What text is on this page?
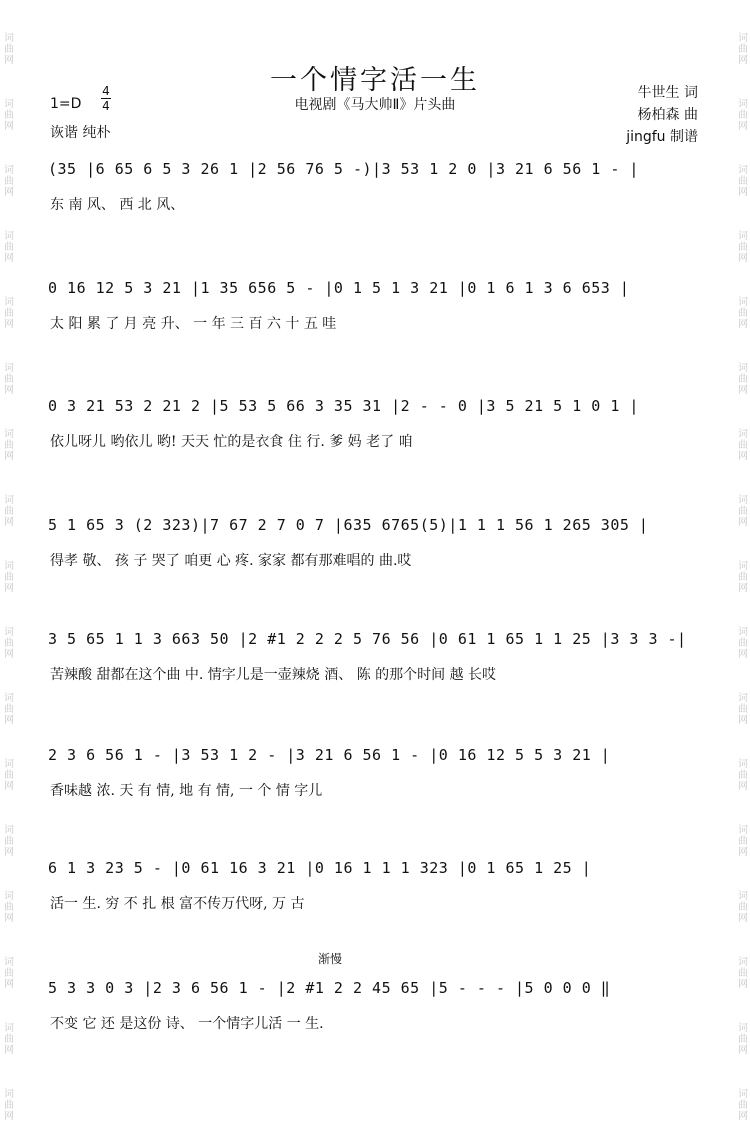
词
曲
网
词
曲
网
词
曲
网
词
曲
网
词
曲
网
词
曲
网
词
曲
网
词
曲
网
词
曲
网
词
曲
网
词
曲
网
词
曲
网
词
曲
网
词
曲
网
词
曲
网
词
曲
网
词
曲
网
词
曲
网
词
曲
网
词
曲
网
词
曲
网
词
曲
网
词
曲
网
词
曲
网
词
曲
网
词
曲
网
词
曲
网
词
曲
网
词
曲
网
词
曲
网
词
曲
网
词
曲
网
词
曲
网
词
曲
网
一个情字活一生
电视剧《马大帅Ⅱ》片头曲
1=D
4
4
诙谐 纯朴
牛世生 词
杨柏森 曲
jingfu 制谱
渐慢
(35 |6 65 6 5 3 26 1 |2 56 76 5 -)|3 53 1 2 0 |3 21 6 56 1 - |
东 南 风、 西 北 风、
0 16 12 5 3 21 |1 35 656 5 - |0 1 5 1 3 21 |0 1 6 1 3 6 653 |
太 阳 累 了 月 亮 升、 一 年 三 百 六 十 五 哇
0 3 21 53 2 21 2 |5 53 5 66 3 35 31 |2 - - 0 |3 5 21 5 1 0 1 |
依儿呀儿 哟依儿 哟! 天天 忙的是衣食 住 行. 爹 妈 老了 咱
5 1 65 3 (2 323)|7 67 2 7 0 7 |635 6765(5)|1 1 1 56 1 265 305 |
得孝 敬、 孩 子 哭了 咱更 心 疼. 家家 都有那难唱的 曲.哎
3 5 65 1 1 3 663 50 |2 #1 2 2 2 5 76 56 |0 61 1 65 1 1 25 |3 3 3 -|
苦辣酸 甜都在这个曲 中. 情字儿是一壶辣烧 酒、 陈 的那个时间 越 长哎
2 3 6 56 1 - |3 53 1 2 - |3 21 6 56 1 - |0 16 12 5 5 3 21 |
香味越 浓. 天 有 情, 地 有 情, 一 个 情 字儿
6 1 3 23 5 - |0 61 16 3 21 |0 16 1 1 1 323 |0 1 65 1 25 |
活一 生. 穷 不 扎 根 富不传万代呀, 万 古
5 3 3 0 3 |2 3 6 56 1 - |2 #1 2 2 45 65 |5 - - - |5 0 0 0 ‖
不变 它 还 是这份 诗、 一个情字儿活 一 生.
